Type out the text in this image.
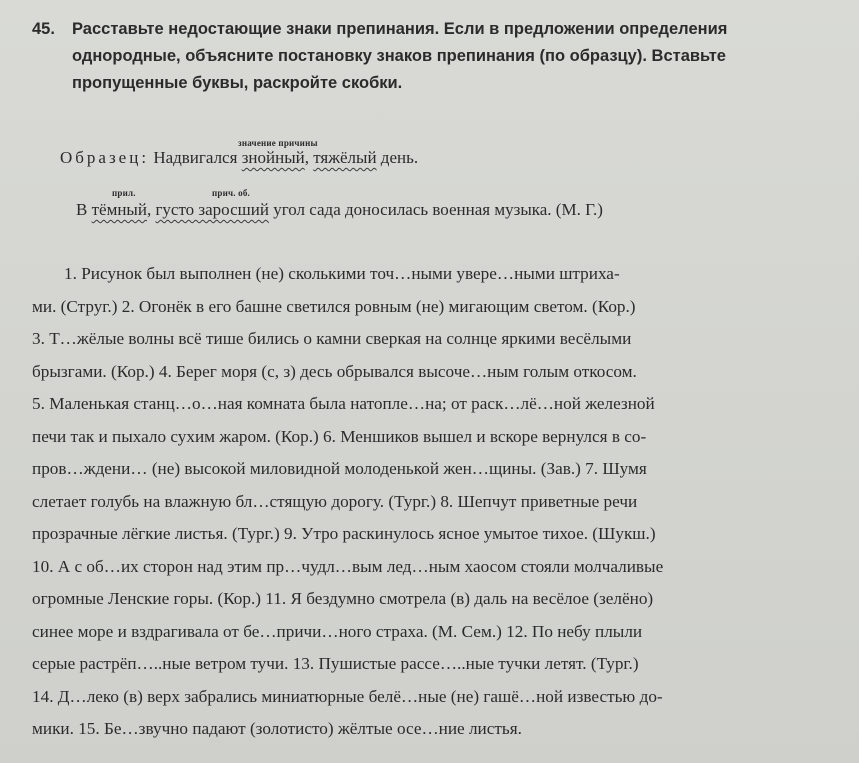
45. Расставьте недостающие знаки препинания. Если в предложении определения
однородные, объясните постановку знаков препинания (по образцу). Вставьте
пропущенные буквы, раскройте скобки.
значение причины
Образец: Надвигался знойный, тяжёлый день.
прил.	прич. об.
В тёмный, густо заросший угол сада доносилась военная музыка. (М. Г.)
1. Рисунок был выполнен (не) сколькими точ…ными увере…ными штриха-
ми. (Струг.) 2. Огонёк в его башне светился ровным (не) мигающим светом. (Кор.)
3. Т…жёлые волны всё тише бились о камни сверкая на солнце яркими весёлыми
брызгами. (Кор.) 4. Берег моря (с, з) десь обрывался высоче…ным голым откосом.
5. Маленькая станц…о…ная комната была натопле…на; от раск…лё…ной железной
печи так и пыхало сухим жаром. (Кор.) 6. Меншиков вышел и вскоре вернулся в со-
пров…ждени… (не) высокой миловидной молоденькой жен…щины. (Зав.) 7. Шумя
слетает голубь на влажную бл…стящую дорогу. (Тург.) 8. Шепчут приветные речи
прозрачные лёгкие листья. (Тург.) 9. Утро раскинулось ясное умытое тихое. (Шукш.)
10. А с об…их сторон над этим пр…чудл…вым лед…ным хаосом стояли молчаливые
огромные Ленские горы. (Кор.) 11. Я бездумно смотрела (в) даль на весёлое (зелёно)
синее море и вздрагивала от бе…причи…ного страха. (М. Сем.) 12. По небу плыли
серые растрёп…..ные ветром тучи. 13. Пушистые рассе…..ные тучки летят. (Тург.)
14. Д…леко (в) верх забрались миниатюрные белё…ные (не) гашё…ной известью до-
мики. 15. Бе…звучно падают (золотисто) жёлтые осе…ние листья.
